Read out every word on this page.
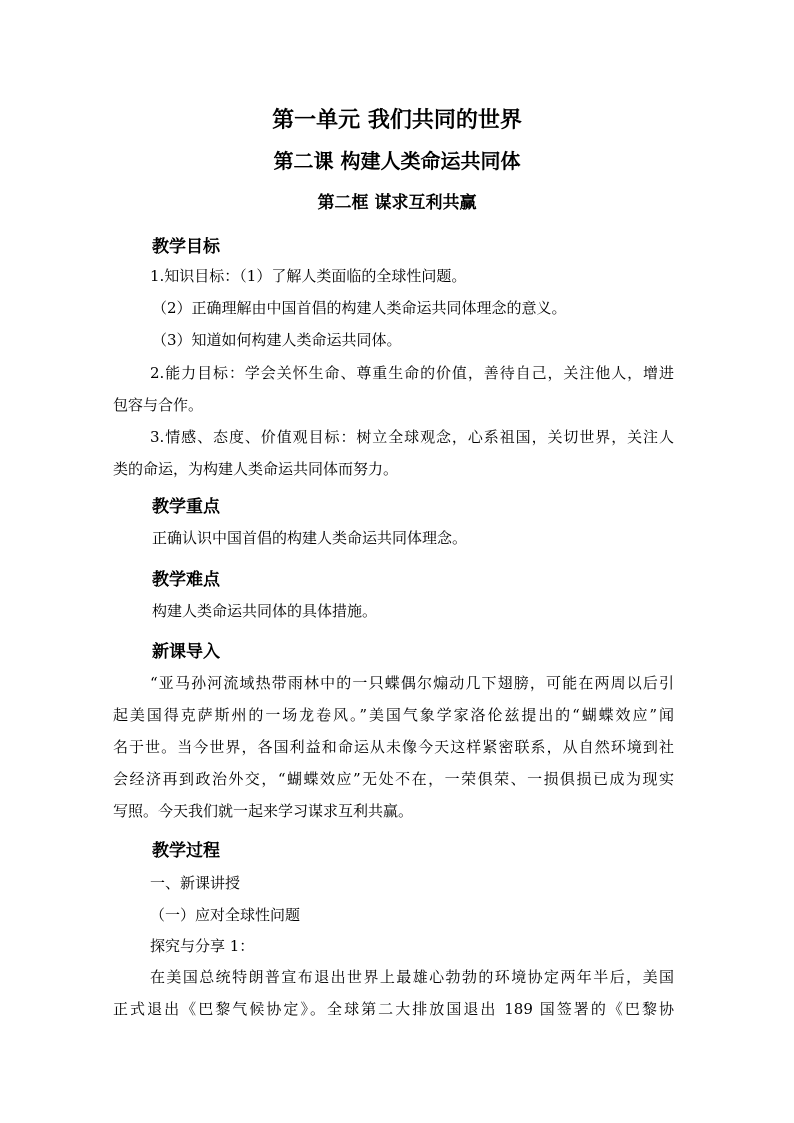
第一单元 我们共同的世界
第二课 构建人类命运共同体
第二框 谋求互利共赢
教学目标
1.知识目标：（1）了解人类面临的全球性问题。
（2）正确理解由中国首倡的构建人类命运共同体理念的意义。
（3）知道如何构建人类命运共同体。
2.能力目标：学会关怀生命、尊重生命的价值，善待自己，关注他人，增进
包容与合作。
3.情感、态度、价值观目标：树立全球观念，心系祖国，关切世界，关注人
类的命运，为构建人类命运共同体而努力。
教学重点
正确认识中国首倡的构建人类命运共同体理念。
教学难点
构建人类命运共同体的具体措施。
新课导入
“亚马孙河流域热带雨林中的一只蝶偶尔煽动几下翅膀，可能在两周以后引
起美国得克萨斯州的一场龙卷风。”美国气象学家洛伦兹提出的“蝴蝶效应”闻
名于世。当今世界，各国利益和命运从未像今天这样紧密联系，从自然环境到社
会经济再到政治外交，“蝴蝶效应”无处不在，一荣俱荣、一损俱损已成为现实
写照。今天我们就一起来学习谋求互利共赢。
教学过程
一、新课讲授
（一）应对全球性问题
探究与分享 1：
在美国总统特朗普宣布退出世界上最雄心勃勃的环境协定两年半后，美国
正式退出《巴黎气候协定》。全球第二大排放国退出 189 国签署的《巴黎协
